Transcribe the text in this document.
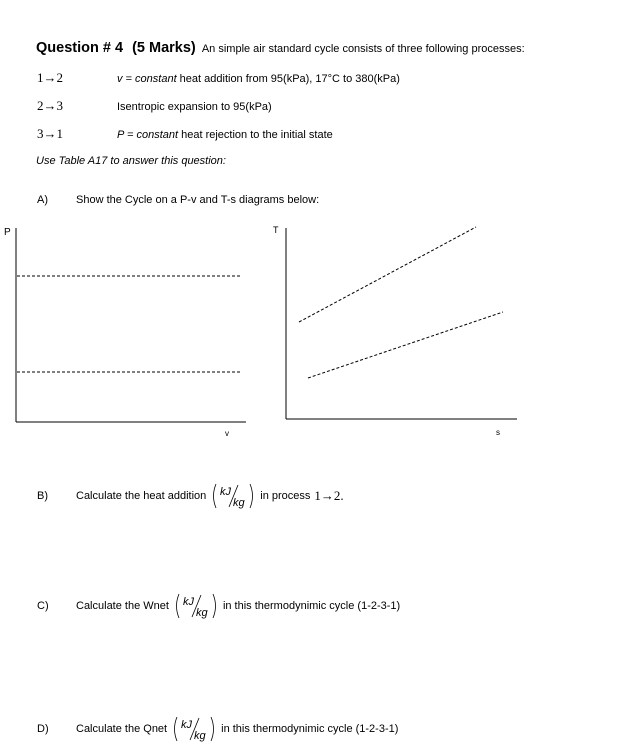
Question # 4 (5 Marks) An simple air standard cycle consists of three following processes:
1→2	v = constant heat addition from 95(kPa), 17°C to 380(kPa)
2→3	Isentropic expansion to 95(kPa)
3→1	P = constant heat rejection to the initial state
Use Table A17 to answer this question:
A)	Show the Cycle on a P-v and T-s diagrams below:
P
v
T
s
B)	Calculate the heat addition kJ
kg
in process 1→2 .
C) Calculate the Wnet kJ
kg
in this thermodynimic cycle (1-2-3-1)
D) Calculate the Qnet kJ
kg
in this thermodynimic cycle (1-2-3-1)
